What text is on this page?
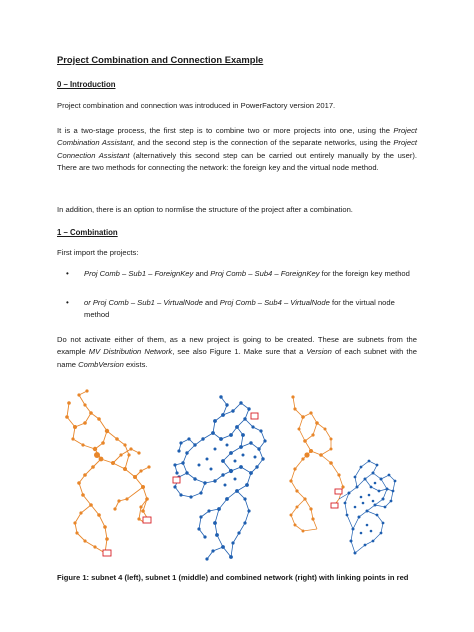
Project Combination and Connection Example
0 – Introduction
Project combination and connection was introduced in PowerFactory version 2017.
It is a two-stage process, the first step is to combine two or more projects into one, using the Project Combination Assistant, and the second step is the connection of the separate networks, using the Project Connection Assistant (alternatively this second step can be carried out entirely manually by the user). There are two methods for connecting the network: the foreign key and the virtual node method.
In addition, there is an option to normlise the structure of the project after a combination.
1 – Combination
First import the projects:
•	Proj Comb – Sub1 – ForeignKey and Proj Comb – Sub4 – ForeignKey for the foreign key method
•	or Proj Comb – Sub1 – VirtualNode and Proj Comb – Sub4 – VirtualNode for the virtual node method
Do not activate either of them, as a new project is going to be created. These are subnets from the example MV Distribution Network, see also Figure 1. Make sure that a Version of each subnet with the name CombVersion exists.
Figure 1: subnet 4 (left), subnet 1 (middle) and combined network (right) with linking points in red
